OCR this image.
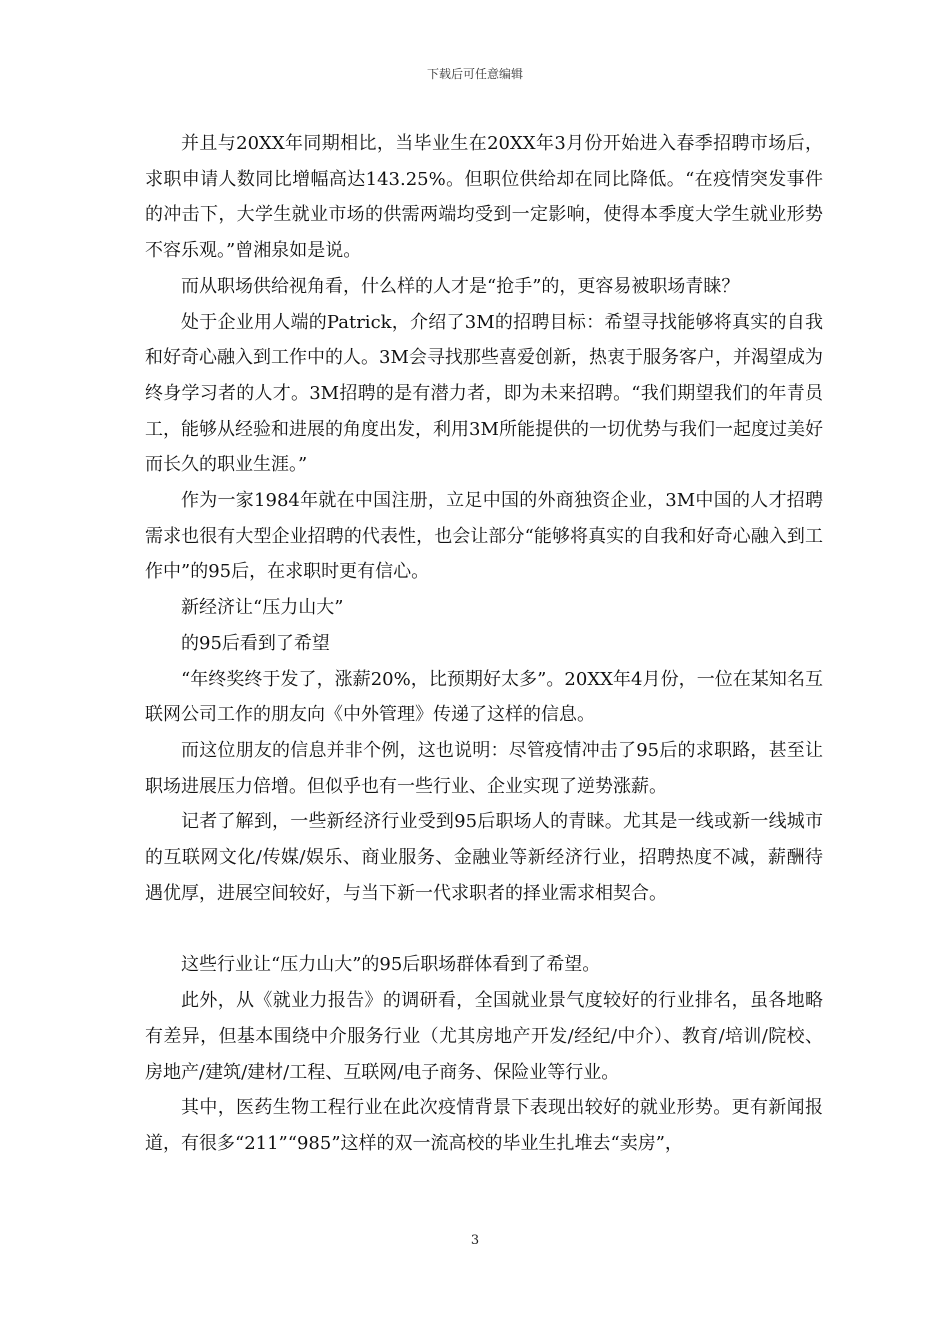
下载后可任意编辑

并且与20XX年同期相比，当毕业生在20XX年3月份开始进入春季招聘市场后，求职申请人数同比增幅高达143.25%。但职位供给却在同比降低。“在疫情突发事件的冲击下，大学生就业市场的供需两端均受到一定影响，使得本季度大学生就业形势不容乐观。”曾湘泉如是说。

而从职场供给视角看，什么样的人才是“抢手”的，更容易被职场青睐？

处于企业用人端的Patrick，介绍了3M的招聘目标：希望寻找能够将真实的自我和好奇心融入到工作中的人。3M会寻找那些喜爱创新，热衷于服务客户，并渴望成为终身学习者的人才。3M招聘的是有潜力者，即为未来招聘。“我们期望我们的年青员工，能够从经验和进展的角度出发，利用3M所能提供的一切优势与我们一起度过美好而长久的职业生涯。”

作为一家1984年就在中国注册，立足中国的外商独资企业，3M中国的人才招聘需求也很有大型企业招聘的代表性，也会让部分“能够将真实的自我和好奇心融入到工作中”的95后，在求职时更有信心。

新经济让“压力山大”

的95后看到了希望

“年终奖终于发了，涨薪20%，比预期好太多”。20XX年4月份，一位在某知名互联网公司工作的朋友向《中外管理》传递了这样的信息。

而这位朋友的信息并非个例，这也说明：尽管疫情冲击了95后的求职路，甚至让职场进展压力倍增。但似乎也有一些行业、企业实现了逆势涨薪。

记者了解到，一些新经济行业受到95后职场人的青睐。尤其是一线或新一线城市的互联网文化/传媒/娱乐、商业服务、金融业等新经济行业，招聘热度不减，薪酬待遇优厚，进展空间较好，与当下新一代求职者的择业需求相契合。

这些行业让“压力山大”的95后职场群体看到了希望。

此外，从《就业力报告》的调研看，全国就业景气度较好的行业排名，虽各地略有差异，但基本围绕中介服务行业（尤其房地产开发/经纪/中介）、教育/培训/院校、房地产/建筑/建材/工程、互联网/电子商务、保险业等行业。

其中，医药生物工程行业在此次疫情背景下表现出较好的就业形势。更有新闻报道，有很多“211”“985”这样的双一流高校的毕业生扎堆去“卖房”，

3
